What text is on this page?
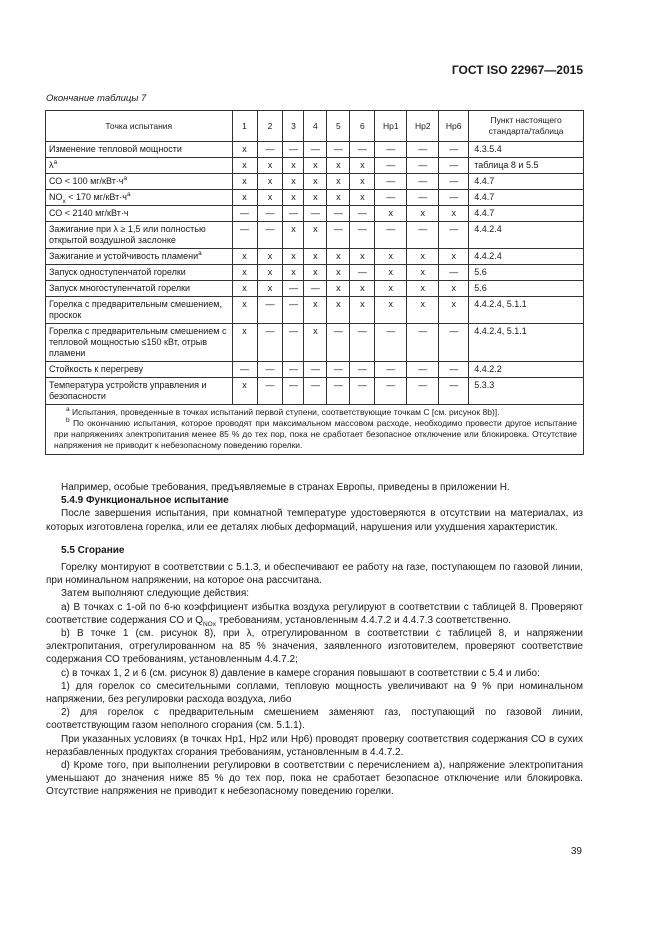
ГОСТ ISO 22967—2015
Окончание таблицы 7
Точка испытания	1	2	3	4	5	6	Нр1	Нр2	Нр6	Пункт настоящего стандарта/таблица
Изменение тепловой мощности	х	—	—	—	—	—	—	—	—	4.3.5.4
$\lambda^а$	х	х	х	х	х	х	—	—	—	таблица 8 и 5.5
СО < 100 $мг/кВт\cdot ч^а$	х	х	х	х	х	х	—	—	—	4.4.7
$NO_x < 170$ $мг/кВт\cdot ч^а$	х	х	х	х	х	х	—	—	—	4.4.7
СО < 2140 мг/кВт·ч	—	—	—	—	—	—	х	х	х	4.4.7
Зажигание при λ ≥ 1,5 или полностью открытой воздушной заслонке	—	—	х	х	—	—	—	—	—	4.4.2.4
Зажигание и устойчивость пламени$^а$	х	х	х	х	х	х	х	х	х	4.4.2.4
Запуск одноступенчатой горелки	х	х	х	х	х	—	х	х	—	5.6
Запуск многоступенчатой горелки	х	х	—	—	х	х	х	х	х	5.6
Горелка с предварительным смешением, проскок	х	—	—	х	х	х	х	х	х	4.4.2.4, 5.1.1
Горелка с предварительным смешением с тепловой мощностью ≤150 кВт, отрыв пламени	х	—	—	х	—	—	—	—	—	4.4.2.4, 5.1.1
Стойкость к перегреву	—	—	—	—	—	—	—	—	—	4.4.2.2
Температура устройств управления и безопасности	х	—	—	—	—	—	—	—	—	5.3.3

$^а$ Испытания, проведенные в точках испытаний первой ступени, соответствующие точкам С [см. рисунок 8b)].
$^b$ По окончанию испытания, которое проводят при максимальном массовом расходе, необходимо провести другое испытание при напряжениях электропитания менее 85 % до тех пор, пока не сработает безопасное отключение или блокировка. Отсутствие напряжения не приводит к небезопасному поведению горелки.										

Например, особые требования, предъявляемые в странах Европы, приведены в приложении Н.

5.4.9 Функциональное испытание

После завершения испытания, при комнатной температуре удостоверяются в отсутствии на материалах, из которых изготовлена горелка, или ее деталях любых деформаций, нарушения или ухудшения характеристик.

5.5 Сгорание

Горелку монтируют в соответствии с 5.1.3, и обеспечивают ее работу на газе, поступающем по газовой линии, при номинальном напряжении, на которое она рассчитана.

Затем выполняют следующие действия:

а) В точках с 1-ой по 6-ю коэффициент избытка воздуха регулируют в соответствии с таблицей 8. Проверяют соответствие содержания СО и $Q_{NOx}$ требованиям, установленным 4.4.7.2 и 4.4.7.3 соответственно.

b) В точке 1 (см. рисунок 8), при λ, отрегулированном в соответствии с таблицей 8, и напряжении электропитания, отрегулированном на 85 % значения, заявленного изготовителем, проверяют соответствие содержания СО требованиям, установленным 4.4.7.2;

с) в точках 1, 2 и 6 (см. рисунок 8) давление в камере сгорания повышают в соответствии с 5.4 и либо:

1) для горелок со смесительными соплами, тепловую мощность увеличивают на 9 % при номинальном напряжении, без регулировки расхода воздуха, либо

2) для горелок с предварительным смешением заменяют газ, поступающий по газовой линии, соответствующим газом неполного сгорания (см. 5.1.1).

При указанных условиях (в точках Нр1, Нр2 или Нр6) проводят проверку соответствия содержания СО в сухих неразбавленных продуктах сгорания требованиям, установленным в 4.4.7.2.

d) Кроме того, при выполнении регулировки в соответствии с перечислением а), напряжение электропитания уменьшают до значения ниже 85 % до тех пор, пока не сработает безопасное отключение или блокировка. Отсутствие напряжения не приводит к небезопасному поведению горелки.

39
